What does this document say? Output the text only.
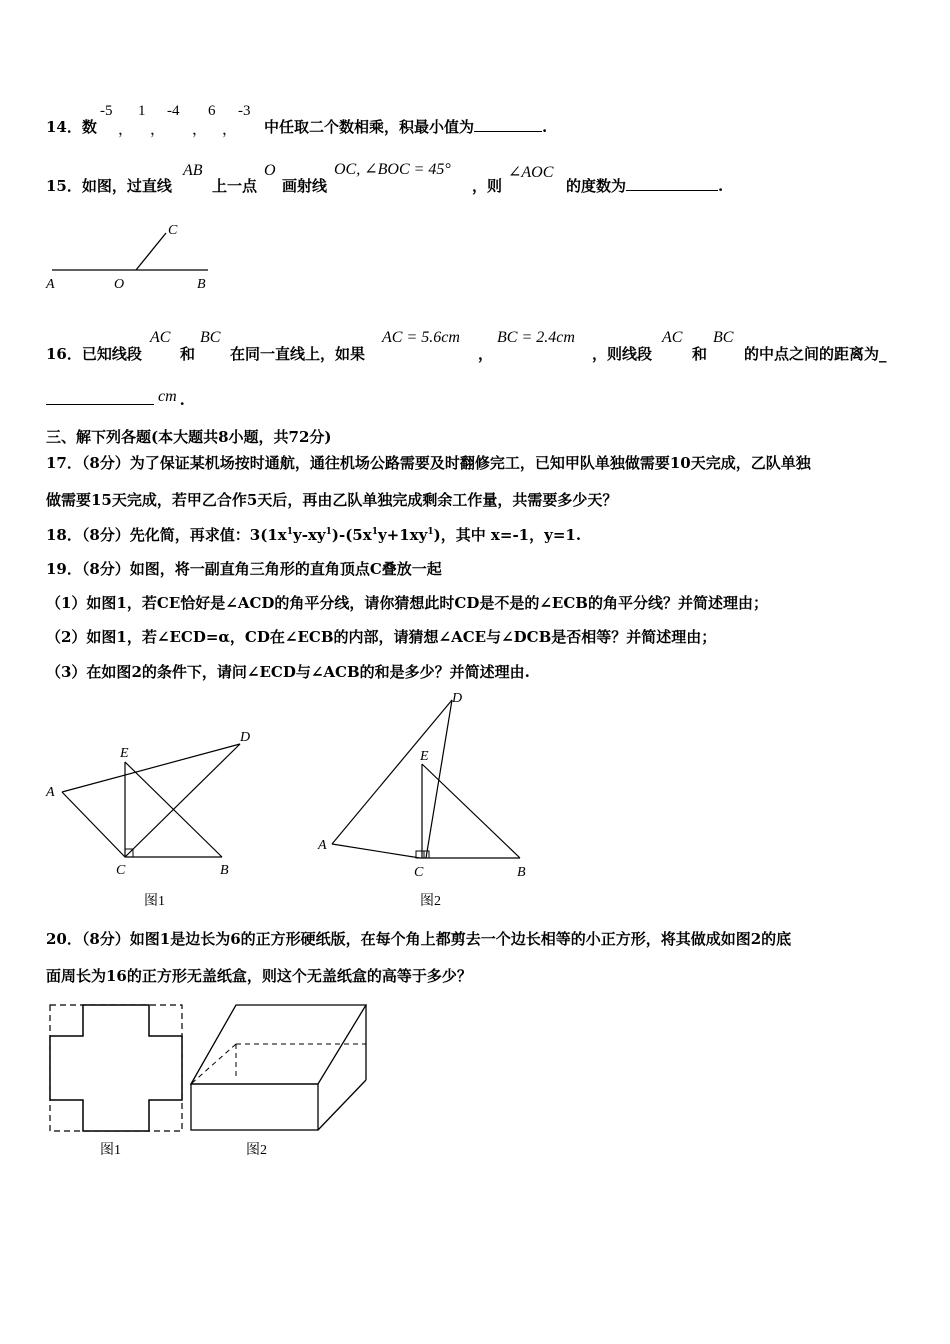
14．数
-5
，
1
，
-4
，
6
，
-3
中任取二个数相乘，积最小值为	.
15．如图，过直线
AB
上一点
O
画射线
OC, ∠BOC = 45°
，则
∠AOC
的度数为	.
A	O	B
C
16．已知线段
AC
和
BC
在同一直线上，如果
AC = 5.6cm
，
BC = 2.4cm
，则线段
AC
和
BC
的中点之间的距离为_
cm .
三、解下列各题(本大题共8小题，共72分)
17．（8分）为了保证某机场按时通航，通往机场公路需要及时翻修完工，已知甲队单独做需要10天完成，乙队单独
做需要15天完成，若甲乙合作5天后，再由乙队单独完成剩余工作量，共需要多少天？
18．（8分）先化简，再求值：$3(1x^1y-xy^1)-(5x^1y+1xy^1)$，其中 x=-1，y=1.
19．（8分）如图，将一副直角三角形的直角顶点C叠放一起
（1）如图1，若CE恰好是∠ACD的角平分线，请你猜想此时CD是不是的∠ECB的角平分线？并简述理由；
（2）如图1，若∠ECD=α，CD在∠ECB的内部，请猜想∠ACE与∠DCB是否相等？并简述理由；
（3）在如图2的条件下，请问∠ECD与∠ACB的和是多少？并简述理由.
A
E
D
C	B
图1
A
E
D
C	B
图2
20．（8分）如图1是边长为6的正方形硬纸版，在每个角上都剪去一个边长相等的小正方形，将其做成如图2的底
面周长为16的正方形无盖纸盒，则这个无盖纸盒的高等于多少？
图1	图2
